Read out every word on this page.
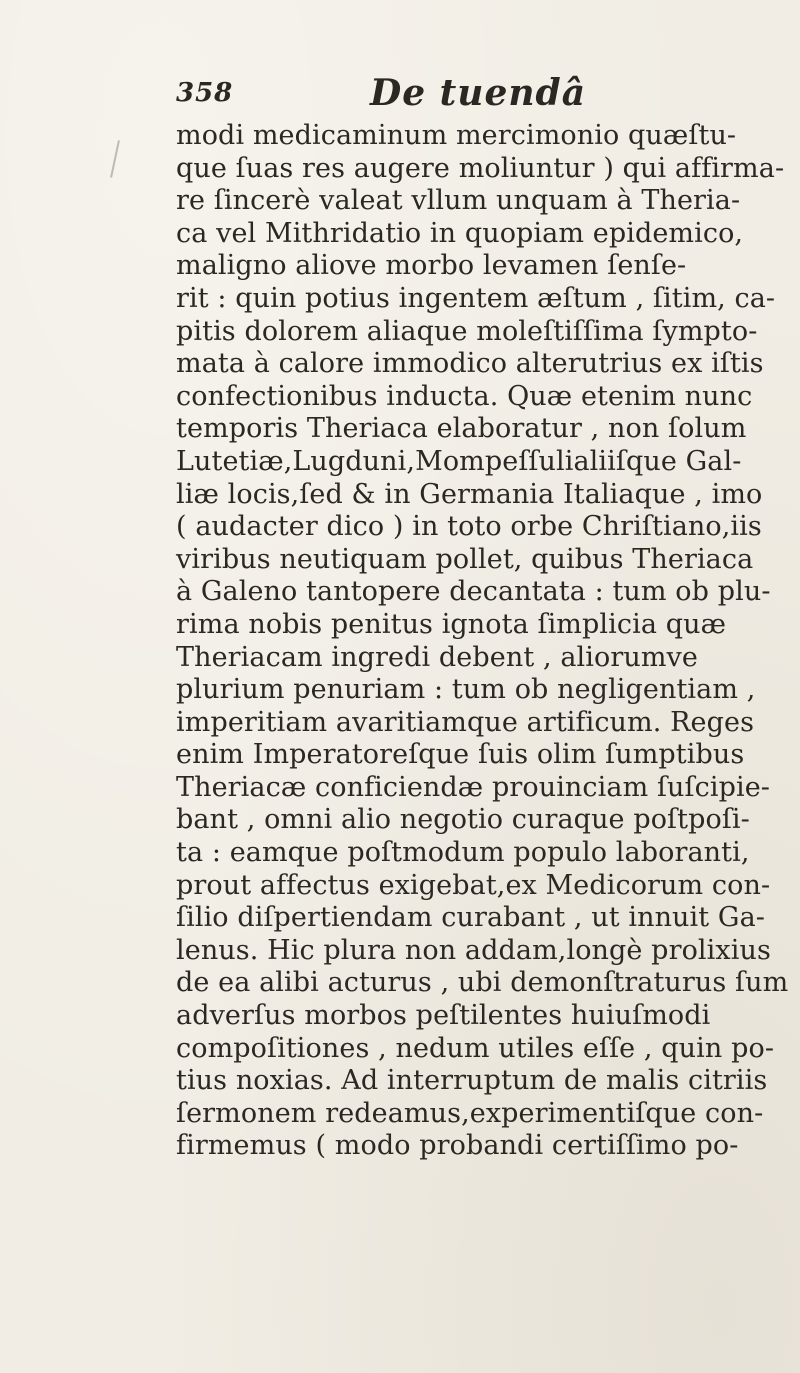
358	De tuendâ
modi medicaminum mercimonio quæſtu-
que ſuas res augere moliuntur ) qui affirma-
re ſincerè valeat vllum unquam à Theria-
ca vel Mithridatio in quopiam epidemico,
maligno aliove morbo levamen ſenſe-
rit : quin potius ingentem æſtum , ſitim, ca-
pitis dolorem aliaque moleſtiſſima ſympto-
mata à calore immodico alterutrius ex iſtis
confectionibus inducta. Quæ etenim nunc
temporis Theriaca elaboratur , non ſolum
Lutetiæ,Lugduni,Mompeſſulialiiſque Gal-
liæ locis,ſed & in Germania Italiaque , imo
( audacter dico ) in toto orbe Chriſtiano,iis
viribus neutiquam pollet, quibus Theriaca
à Galeno tantopere decantata : tum ob plu-
rima nobis penitus ignota ſimplicia quæ
Theriacam ingredi debent , aliorumve
plurium penuriam : tum ob negligentiam ,
imperitiam avaritiamque artificum. Reges
enim Imperatoreſque ſuis olim ſumptibus
Theriacæ conficiendæ prouinciam ſuſcipie-
bant , omni alio negotio curaque poſtpoſi-
ta : eamque poſtmodum populo laboranti,
prout affectus exigebat,ex Medicorum con-
ſilio diſpertiendam curabant , ut innuit Ga-
lenus. Hic plura non addam,longè prolixius
de ea alibi acturus , ubi demonſtraturus ſum
adverſus morbos peſtilentes huiuſmodi
compoſitiones , nedum utiles eſſe , quin po-
tius noxias. Ad interruptum de malis citriis
ſermonem redeamus,experimentiſque con-
firmemus ( modo probandi certiſſimo po-
